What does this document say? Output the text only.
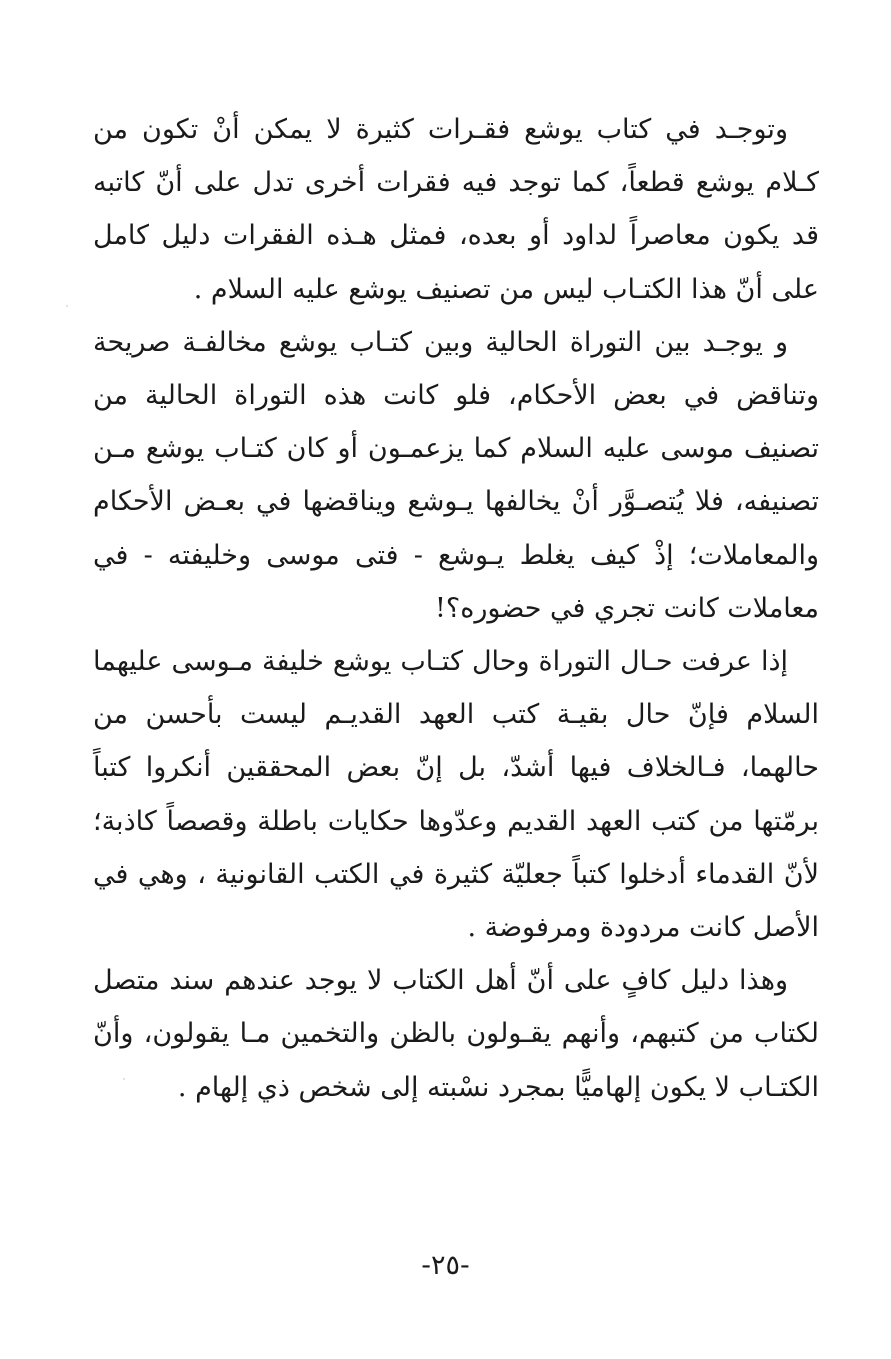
وتوجـد في كتاب يوشع فقـرات كثيرة لا يمكن أنْ تكون من كـلام يوشع قطعاً، كما توجد فيه فقرات أخرى تدل على أنّ كاتبه قد يكون معاصراً لداود أو بعده، فمثل هـذه الفقرات دليل كامل على أنّ هذا الكتـاب ليس من تصنيف يوشع عليه السلام .

و يوجـد بين التوراة الحالية وبين كتـاب يوشع مخالفـة صريحة وتناقض في بعض الأحكام، فلو كانت هذه التوراة الحالية من تصنيف موسى عليه السلام كما يزعمـون أو كان كتـاب يوشع مـن تصنيفه، فلا يُتصـوَّر أنْ يخالفها يـوشع ويناقضها في بعـض الأحكام والمعاملات؛ إذْ كيف يغلط يـوشع - فتى موسى وخليفته - في معاملات كانت تجري في حضوره؟!

إذا عرفت حـال التوراة وحال كتـاب يوشع خليفة مـوسى عليهما السلام فإنّ حال بقيـة كتب العهد القديـم ليست بأحسن من حالهما، فـالخلاف فيها أشدّ، بل إنّ بعض المحققين أنكروا كتباً برمّتها من كتب العهد القديم وعدّوها حكايات باطلة وقصصاً كاذبة؛ لأنّ القدماء أدخلوا كتباً جعليّة كثيرة في الكتب القانونية ، وهي في الأصل كانت مردودة ومرفوضة .

وهذا دليل كافٍ على أنّ أهل الكتاب لا يوجد عندهم سند متصل لكتاب من كتبهم، وأنهم يقـولون بالظن والتخمين مـا يقولون، وأنّ الكتـاب لا يكون إلهاميًّا بمجرد نسْبته إلى شخص ذي إلهام .

-٢٥-
